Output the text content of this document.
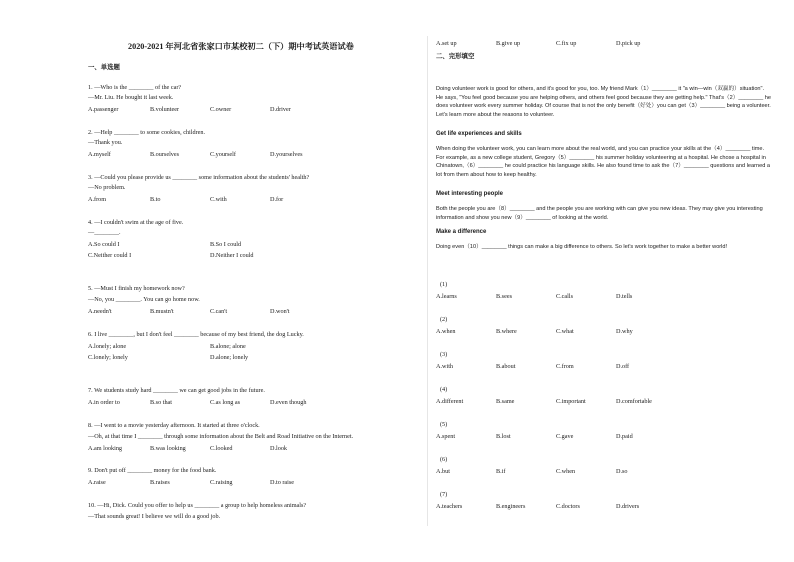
2020-2021 年河北省张家口市某校初二（下）期中考试英语试卷
一、单选题
1. —Who is the ________ of the car?
—Mr. Liu. He bought it last week.
A.passenger	B.volunteer	C.owner	D.driver
2. —Help ________ to some cookies, children.
—Thank you.
A.myself	B.ourselves	C.yourself	D.yourselves
3. —Could you please provide us ________ some information about the students' health?
—No problem.
A.from	B.to	C.with	D.for
4. —I couldn't swim at the age of five.
—________.
A.So could I	B.So I could
C.Neither could I	D.Neither I could
5. —Must I finish my homework now?
—No, you ________. You can go home now.
A.needn't	B.mustn't	C.can't	D.won't
6. I live ________, but I don't feel ________ because of my best friend, the dog Lucky.
A.lonely; alone	B.alone; alone
C.lonely; lonely	D.alone; lonely
7. We students study hard ________ we can get good jobs in the future.
A.in order to	B.so that	C.as long as	D.even though
8. —I went to a movie yesterday afternoon. It started at three o'clock.
—Oh, at that time I ________ through some information about the Belt and Road Initiative on the Internet.
A.am looking	B.was looking	C.looked	D.look
9. Don't put off ________ money for the food bank.
A.raise	B.raises	C.raising	D.to raise
10. —Hi, Dick. Could you offer to help us ________ a group to help homeless animals?
—That sounds great! I believe we will do a good job.
A.set up	B.give up	C.fix up	D.pick up
二、完形填空
Doing volunteer work is good for others, and it's good for you, too. My friend Mark（1）________ it "a win—win（双赢的）situation". He says, "You feel good because you are helping others, and others feel good because they are getting help." That's（2）________ he does volunteer work every summer holiday. Of course that is not the only benefit（好处）you can get（3）________ being a volunteer. Let's learn more about the reasons to volunteer.
Get life experiences and skills
When doing the volunteer work, you can learn more about the real world, and you can practice your skills at the（4）________ time. For example, as a new college student, Gregory（5）________ his summer holiday volunteering at a hospital. He chose a hospital in Chinatown,（6）________ he could practice his language skills. He also found time to ask the（7）________ questions and learned a lot from them about how to keep healthy.
Meet interesting people
Both the people you are（8）________ and the people you are working with can give you new ideas. They may give you interesting information and show you new（9）________ of looking at the world.
Make a difference
Doing even（10）________ things can make a big difference to others. So let's work together to make a better world!
(1)
A.learns	B.sees	C.calls	D.tells
(2)
A.when	B.where	C.what	D.why
(3)
A.with	B.about	C.from	D.off
(4)
A.different	B.same	C.important	D.comfortable
(5)
A.spent	B.lost	C.gave	D.paid
(6)
A.but	B.if	C.when	D.so
(7)
A.teachers	B.engineers	C.doctors	D.drivers
